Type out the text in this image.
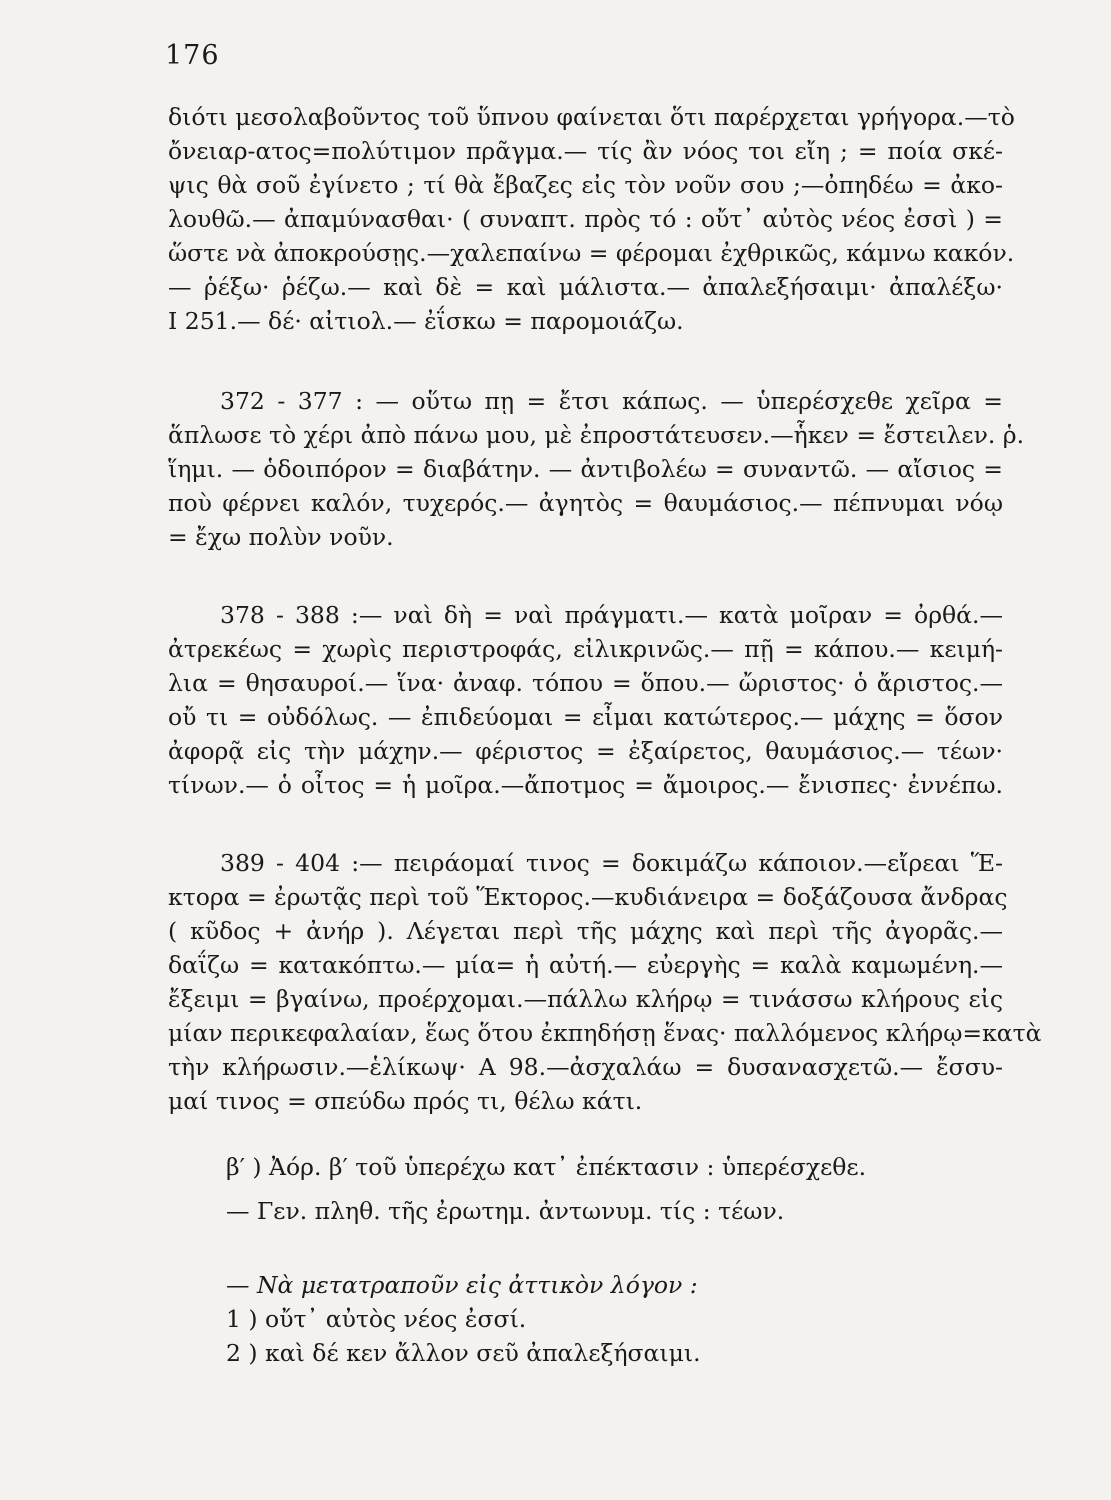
176
διότι μεσολαβοῦντος τοῦ ὕπνου φαίνεται ὅτι παρέρχεται γρήγορα.—τὸ
ὄνειαρ-ατος=πολύτιμον πρᾶγμα.— τίς ἂν νόος τοι εἴη ; = ποία σκέ-
ψις θὰ σοῦ ἐγίνετο ; τί θὰ ἔβαζες εἰς τὸν νοῦν σου ;—ὀπηδέω = ἀκο-
λουθῶ.— ἀπαμύνασθαι· ( συναπτ. πρὸς τό : οὔτ᾽ αὐτὸς νέος ἐσσὶ ) =
ὥστε νὰ ἀποκρούσῃς.—χαλεπαίνω = φέρομαι ἐχθρικῶς, κάμνω κακόν.
— ῥέξω· ῥέζω.— καὶ δὲ = καὶ μάλιστα.— ἀπαλεξήσαιμι· ἀπαλέξω·
I 251.— δέ· αἰτιολ.— ἐΐσκω = παρομοιάζω.
372 - 377 : — οὕτω πῃ = ἔτσι κάπως. — ὑπερέσχεθε χεῖρα =
ἅπλωσε τὸ χέρι ἀπὸ πάνω μου, μὲ ἐπροστάτευσεν.—ἧκεν = ἔστειλεν. ῥ.
ἵημι. — ὁδοιπόρον = διαβάτην. — ἀντιβολέω = συναντῶ. — αἴσιος =
ποὺ φέρνει καλόν, τυχερός.— ἀγητὸς = θαυμάσιος.— πέπνυμαι νόῳ
= ἔχω πολὺν νοῦν.
378 - 388 :— ναὶ δὴ = ναὶ πράγματι.— κατὰ μοῖραν = ὀρθά.—
ἀτρεκέως = χωρὶς περιστροφάς, εἰλικρινῶς.— πῇ = κάπου.— κειμή-
λια = θησαυροί.— ἵνα· ἀναφ. τόπου = ὅπου.— ὤριστος· ὁ ἄριστος.—
οὔ τι = οὐδόλως. — ἐπιδεύομαι = εἶμαι κατώτερος.— μάχης = ὅσον
ἀφορᾷ εἰς τὴν μάχην.— φέριστος = ἐξαίρετος, θαυμάσιος.— τέων·
τίνων.— ὁ οἶτος = ἡ μοῖρα.—ἄποτμος = ἄμοιρος.— ἔνισπες· ἐννέπω.
389 - 404 :— πειράομαί τινος = δοκιμάζω κάποιον.—εἴρεαι Ἕ-
κτορα = ἐρωτᾷς περὶ τοῦ Ἕκτορος.—κυδιάνειρα = δοξάζουσα ἄνδρας
( κῦδος + ἀνήρ ). Λέγεται περὶ τῆς μάχης καὶ περὶ τῆς ἀγορᾶς.—
δαΐζω = κατακόπτω.— μία= ἡ αὐτή.— εὐεργὴς = καλὰ καμωμένη.—
ἔξειμι = βγαίνω, προέρχομαι.—πάλλω κλήρῳ = τινάσσω κλήρους εἰς
μίαν περικεφαλαίαν, ἕως ὅτου ἐκπηδήσῃ ἕνας· παλλόμενος κλήρῳ=κατὰ
τὴν κλήρωσιν.—ἑλίκωψ· Α 98.—ἀσχαλάω = δυσανασχετῶ.— ἔσσυ-
μαί τινος = σπεύδω πρός τι, θέλω κάτι.
β′ ) Ἀόρ. β′ τοῦ ὑπερέχω κατ᾽ ἐπέκτασιν : ὑπερέσχεθε.
— Γεν. πληθ. τῆς ἐρωτημ. ἀντωνυμ. τίς : τέων.
— Νὰ μετατραποῦν εἰς ἀττικὸν λόγον :
1 ) οὔτ᾽ αὐτὸς νέος ἐσσί.
2 ) καὶ δέ κεν ἄλλον σεῦ ἀπαλεξήσαιμι.
